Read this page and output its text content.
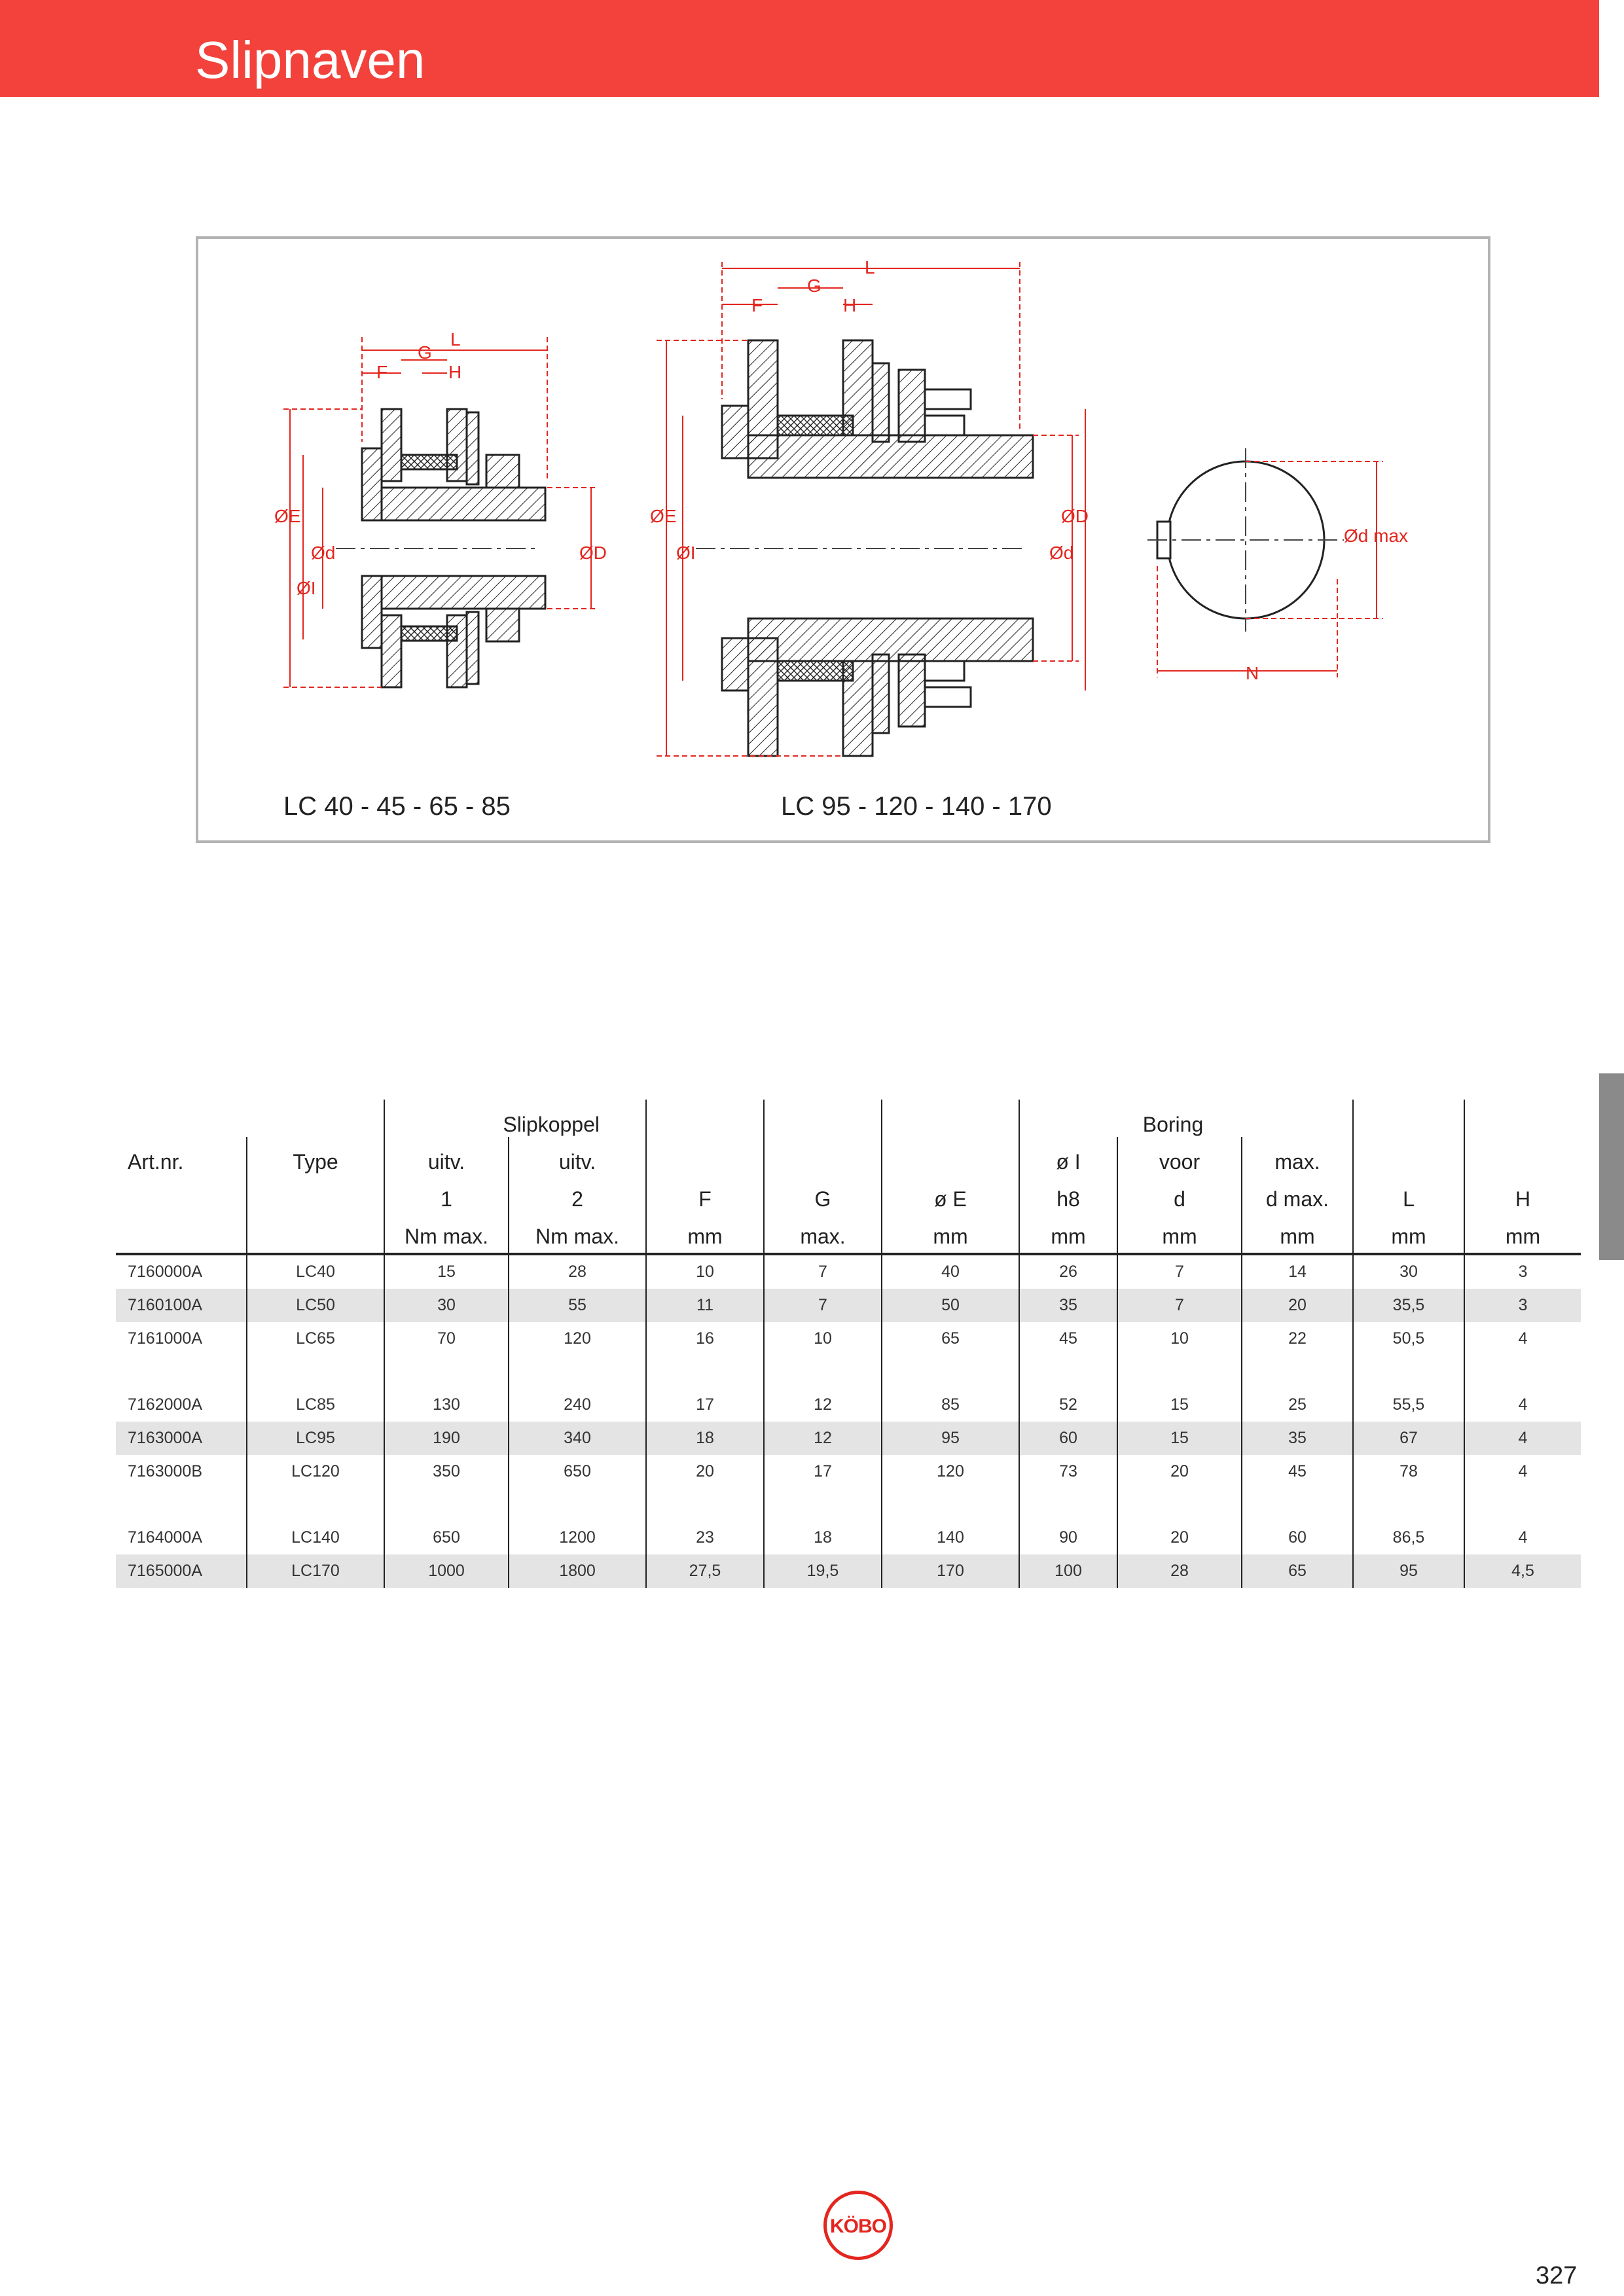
Slipnaven
L
G
F	H
ØE
Ød
ØI
ØD
L
G
F	H
ØE
ØI
ØD
Ød
Ød max
N
LC 40 - 45 - 65 - 85	LC 95 - 120 - 140 - 170
		Slipkoppel					Boring				
Art.nr.	Type	uitv.	uitv.				ø I	voor	max.		
		1	2	F	G	ø E	h8	d	d max.	L	H
		Nm max.	Nm max.	mm	max.	mm	mm	mm	mm	mm	mm
7160000A	LC40	15	28	10	7	40	26	7	14	30	3
7160100A	LC50	30	55	11	7	50	35	7	20	35,5	3
7161000A	LC65	70	120	16	10	65	45	10	22	50,5	4

7162000A	LC85	130	240	17	12	85	52	15	25	55,5	4
7163000A	LC95	190	340	18	12	95	60	15	35	67	4
7163000B	LC120	350	650	20	17	120	73	20	45	78	4

7164000A	LC140	650	1200	23	18	140	90	20	60	86,5	4
7165000A	LC170	1000	1800	27,5	19,5	170	100	28	65	95	4,5
KÖBO
327
